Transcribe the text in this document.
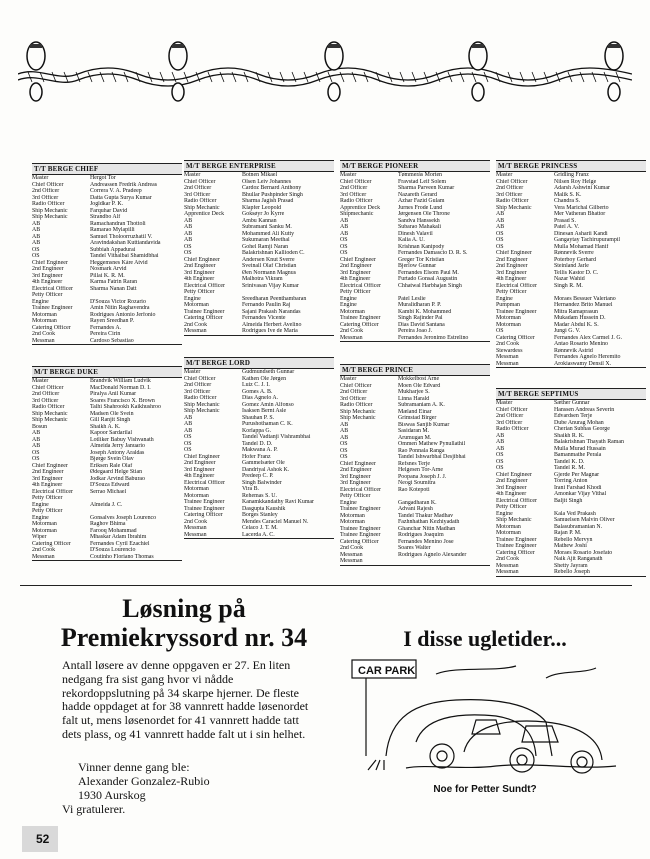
T/T BERGE CHIEF
Master	Hergot Tor
Chief Officer	Andreassen Fredrik Andreas
2nd Officer	Correra V. A. Pradeep
3rd Officer	Datta Gupta Surya Kumar
Radio Officer	Jogldkar P. K.
Ship Mechanic	Farquhar David
Ship Mechanic	Strandbo Alf
AB	Ramachandran Thottoli
AB	Ramarao Mylapilli
AB	Samuel Tholoorruzhatil V.
AB	Aravindakshan Kuttiandavida
OS	Subbiah Appadurai
OS	Tandel Vithalbai Shamidbhai
Chief Engineer	Heggemsnes Kåre Atvid
2nd Engineer	Nosmark Arvid
3rd Engineer	Pillai K. R. M.
4th Engineer	Karma Fatrin Raran
Electrical Officer	Sharma Nanan Datt
Petty Officer
Engine	D'Souza Victor Rozario
Trainee Engineer	Amin Nitin Raghavendra
Motorman	Rodrigues Antonio Jerfonio
Motorman	Rayen Sreedhan P.
Catering Officer	Fernandes A.
2nd Cook	Pereira Cirin
Messman	Cardoso Sebastiao
M/T BERGE ENTERPRISE
Master	Botnen Mikael
Chief Officer	Olsen Leiv Johannes
2nd Officer	Cardoz Bernard Anthony
3rd Officer	Bhullar Pushpinder Singh
Radio Officer	Sharma Jagish Prasad
Ship Mechanic	Klapfer Leopold
Apprentice Deck	Goksøyr Jo Kyrre
AB	Ambu Kannan
AB	Subramani Sanku M.
AB	Mohammed Ali Kutty
AB	Sukumaran Meethal
OS	Gohel Ramji Naran
OS	Balakrishnan Kallioden C.
Chief Engineer	Andersen Knut Sverre
2nd Engineer	Sveinall Olaf Christian
3rd Engineer	Øen Normann Magnus
4th Engineer	Malhotra Vikram
Electrical Officer	Srinivasan Vijay Kumar
Petty Officer
Engine	Sreedharan Peenthambaran
Motorman	Fernando Paulin Raj
Trainee Engineer	Sajani Prakash Narandas
Catering Officer	Fernandes Vicente
2nd Cook	Almeida Herbert Avelino
Messman	Rodrigues Ive de Maria
M/T BERGE PIONEER
Master	Tømmerås Morten
Chief Officer	Fravstad Leif Solem
2nd Officer	Sharma Parveen Kumar
3rd Officer	Nazareth Gerard
Radio Officer	Azhar Fazid Gulam
Apprentice Deck	Jurnes Frode Lund
Shipmechanic	Jørgensen Ole Throne
AB	Sandva Hanssekh
AB	Subarao Mahakali
AB	Dinesh Valavil
OS	Kalia A. U.
OS	Krishnan Kanipody
OS	Fernandes Damascio D. R. S.
Chief Engineer	Greger Tor Kristian
2nd Engineer	Bjerlow Gunnar
3rd Engineer	Fernandes Elsom Paul M.
4th Engineer	Furtado Gonsal Augustin
Electrical Officer	Chhatwal Harbhajan Singh
Petty Officer
Engine	Patel Leslie
Engine	Muralidharan P. P.
Motorman	Kambi K. Mohammed
Trainee Engineer	Singh Rajinder Pal
Catering Officer	Dias David Santana
2nd Cook	Pereira Joao J.
Messman	Fernandes Jeronimo Estrelino
M/T BERGE PRINCESS
Master	Gridling Franz
Chief Officer	Nilsen Roy Helge
2nd Officer	Adarsh Ashwini Kumar
3rd Officer	Malik S. K.
Radio Officer	Chandra S.
Ship Mechanic	Vera Marichal Gilberto
AB	Mer Vatheran Bhattor
AB	Prasad S.
AB	Patel A. V.
OS	Dinesan Asharii Kandi
OS	Gangaytay Tachirupurampil
OS	Mulla Mohamad Hanif
Chief Engineer	Rønnevik Sverre
2nd Engineer	Poterboy Gerhard
2nd Engineer	Steinland Jarle
3rd Engineer	Tellis Kastor D. C.
4th Engineer	Nazar Wahid
Electrical Officer	Singh R. M.
Petty Officer
Engine	Moraes Bessuer Valeriano
Pumpman	Hernandez Brito Manuel
Trainee Engineer	Mitra Ramaprasun
Motorman	Mukadam Hussein D.
Motorman	Madar Abdul K. S.
OS	Jungi G. V.
Catering Officer	Fernandes Alex Carmel J. G.
2nd Cook	Antao Rosario Menino
Stewardess	Rønnevik Astrid
Messman	Fernandes Agnelo Heremito
Messman	Arokiaswamy Densil X.
M/T BERGE DUKE
Master	Brandvik William Ludvik
Chief Officer	MacDonald Norman D. I.
2nd Officer	Piralya Anil Kumar
3rd Officer	Soares Francisco X. Brown
Radio Officer	Talhi Shahrookh Kaikhushroo
Ship Mechanic	Madsen Ole Svein
Ship Mechanic	Gill Ranjit Singh
Bosun	Shaikh A. K.
AB	Kapoor Sardarilal
AB	Lotliker Babuy Vishvanath
AB	Almeida Jerry Januario
OS	Joseph Antony Araldas
OS	Bjørge Svein Olav
Chief Engineer	Eriksen Rale Olaf
2nd Engineer	Ødegaard Helge Stian
3rd Engineer	Jodkar Arvind Baburao
4th Engineer	D'Souza Edward
Electrical Officer	Serrao Michael
Petty Officer
Engine	Almeida J. C.
Petty Officer
Engine	Gonsalves Joseph Lourenco
Motorman	Raghov Bhima
Motorman	Farooq Mohammad
Wiper	Mhaskar Adam Ibrahim
Catering Officer	Fernandes Cyril Ezachiel
2nd Cook	D'Souza Lourencio
Messman	Coutinho Floriano Thomas
M/T BERGE LORD
Master	Gudmundseth Gunnar
Chief Officer	Kathen Ole Jørgen
2nd Officer	Luiz C. J. I.
3rd Officer	Gomes A. B.
Radio Officer	Dias Agnelo A.
Ship Mechanic	Gomez Amin Alfonso
Ship Mechanic	Isaksen Bernt Asle
AB	Shauhan P. S.
AB	Purushothaman C. K.
AB	Korlappa G.
OS	Tandel Vadtanji Vishrambhai
OS	Tandel D. D.
OS	Makwana A. P.
Chief Engineer	Hofer Franz
2nd Engineer	Gammelsæter Ole
3rd Engineer	Dandriyal Ashok K.
4th Engineer	Predeep C. P.
Electrical Officer	Singh Balwinder
Motorman	Vira B.
Motorman	Rehemas S. U.
Trainee Engineer	Kanamkkandathy Ravi Kumar
Trainee Engineer	Dasgupta Kaushik
Catering Officer	Borges Stanley
2nd Cook	Mendes Caraciel Manuel N.
Messman	Celaco J. T. M.
Messman	Lacerda A. C.
M/T BERGE PRINCE
Master	Mokkelbost Arne
Chief Officer	Moen Ole Edvard
2nd Officer	Mukharjee S.
3rd Officer	Linna Harald
Radio Officer	Subramaniam A. K.
Ship Mechanic	Mæland Einar
Ship Mechanic	Grimstad Birger
AB	Biswas Sanjib Kumar
AB	Sasidaran M.
AB	Arumugan M.
OS	Ommen Mathew Pynullathil
OS	Rao Ponnala Ranga
OS	Tandel Ishwarbhai Desjibhai
Chief Engineer	Refsnes Terje
2nd Engineer	Helgesen Tor-Arne
3rd Engineer	Poopana Joseph J. J.
3rd Engineer	Neogi Soumitra
Electrical Officer	Rao Kotepoti
Petty Officer
Engine	Gangadharan K.
Trainee Engineer	Advani Rajesh
Motorman	Tandel Thakur Madhav
Motorman	Fazhnhathan Kezhiyadath
Trainee Engineer	Ghanchar Nitin Madhan
Trainee Engineer	Rodrigues Joaquim
Catering Officer	Fernandes Menino Jose
2nd Cook	Soares Walter
Messman	Rodrigues Agnelo Alexander
Messman
M/T BERGE SEPTIMUS
Master	Sæther Gunnar
Chief Officer	Hanssen Andreas Severin
2nd Officer	Edvardsen Terje
3rd Officer	Dube Anurag Mohan
Radio Officer	Cherian Subhas George
AB	Shaikh R. K.
AB	Balakrishnan Thayath Raman
AB	Mulla Murad Hussain
OS	Bamanmathe Perala
OS	Tandel K. D.
OS	Tandel R. M.
Chief Engineer	Gjerde Per Magnar
2nd Engineer	Torring Anton
3rd Engineer	Irani Farshad Khodi
4th Engineer	Amonkar Vijay Vithal
Electrical Officer	Baljit Singh
Petty Officer
Engine	Kala Ved Prakash
Ship Mechanic	Samuelsen Malvin Oliver
Motorman	Balasubramanian N.
Motorman	Rajan P. M.
Trainee Engineer	Rebello Mervyn
Trainee Engineer	Mathew Joshi
Catering Officer	Moraes Rosario Josefato
2nd Cook	Naik Ajit Ranganath
Messman	Shetty Jayram
Messman	Rebello Joseph
Løsning på
Premiekryssord nr. 34

Antall løsere av denne oppgaven er 27. En liten nedgang fra sist gang hvor vi nådde rekordoppslutning på 34 skarpe hjerner. De fleste hadde oppdaget at for 38 vannrett hadde løsenordet falt ut, mens løsenordet for 41 vannrett hadde tatt dets plass, og 41 vannrett hadde falt ut i sin helhet.

Vinner denne gang ble:
Alexander Gonzalez-Rubio
1930 Aurskog
Vi gratulerer.
I disse ugletider...
CAR PARK
Noe for Petter Sundt?
52
